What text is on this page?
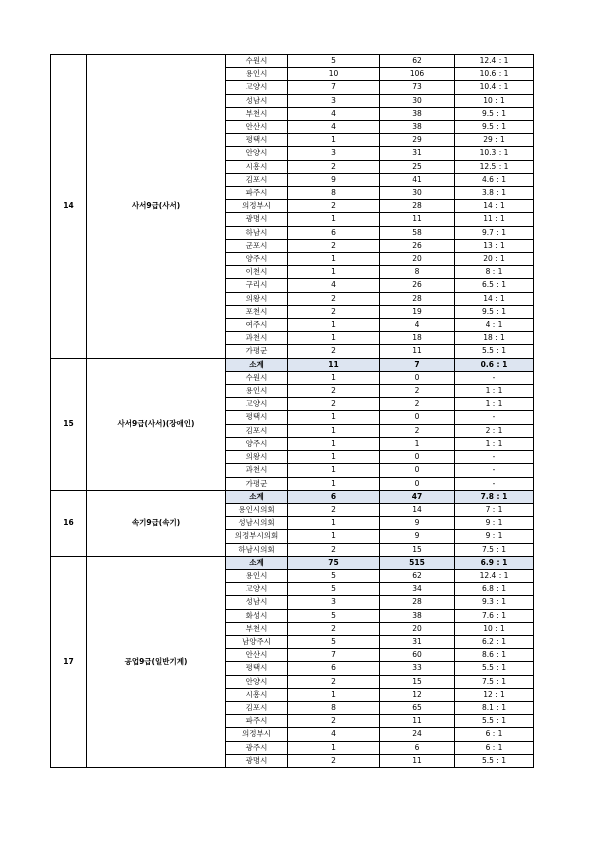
14	사서9급(사서)	수원시	5	62	12.4 : 1
		용인시	10	106	10.6 : 1
		고양시	7	73	10.4 : 1
		성남시	3	30	10 : 1
		부천시	4	38	9.5 : 1
		안산시	4	38	9.5 : 1
		평택시	1	29	29 : 1
		안양시	3	31	10.3 : 1
		시흥시	2	25	12.5 : 1
		김포시	9	41	4.6 : 1
		파주시	8	30	3.8 : 1
		의정부시	2	28	14 : 1
		광명시	1	11	11 : 1
		하남시	6	58	9.7 : 1
		군포시	2	26	13 : 1
		양주시	1	20	20 : 1
		이천시	1	8	8 : 1
		구리시	4	26	6.5 : 1
		의왕시	2	28	14 : 1
		포천시	2	19	9.5 : 1
		여주시	1	4	4 : 1
		과천시	1	18	18 : 1
		가평군	2	11	5.5 : 1
15	사서9급(사서)(장애인)	소계	11	7	0.6 : 1
		수원시	1	0	-
		용인시	2	2	1 : 1
		고양시	2	2	1 : 1
		평택시	1	0	-
		김포시	1	2	2 : 1
		양주시	1	1	1 : 1
		의왕시	1	0	-
		과천시	1	0	-
		가평군	1	0	-
16	속기9급(속기)	소계	6	47	7.8 : 1
		용인시의회	2	14	7 : 1
		성남시의회	1	9	9 : 1
		의정부시의회	1	9	9 : 1
		하남시의회	2	15	7.5 : 1
17	공업9급(일반기계)	소계	75	515	6.9 : 1
		용인시	5	62	12.4 : 1
		고양시	5	34	6.8 : 1
		성남시	3	28	9.3 : 1
		화성시	5	38	7.6 : 1
		부천시	2	20	10 : 1
		남양주시	5	31	6.2 : 1
		안산시	7	60	8.6 : 1
		평택시	6	33	5.5 : 1
		안양시	2	15	7.5 : 1
		시흥시	1	12	12 : 1
		김포시	8	65	8.1 : 1
		파주시	2	11	5.5 : 1
		의정부시	4	24	6 : 1
		광주시	1	6	6 : 1
		광명시	2	11	5.5 : 1
